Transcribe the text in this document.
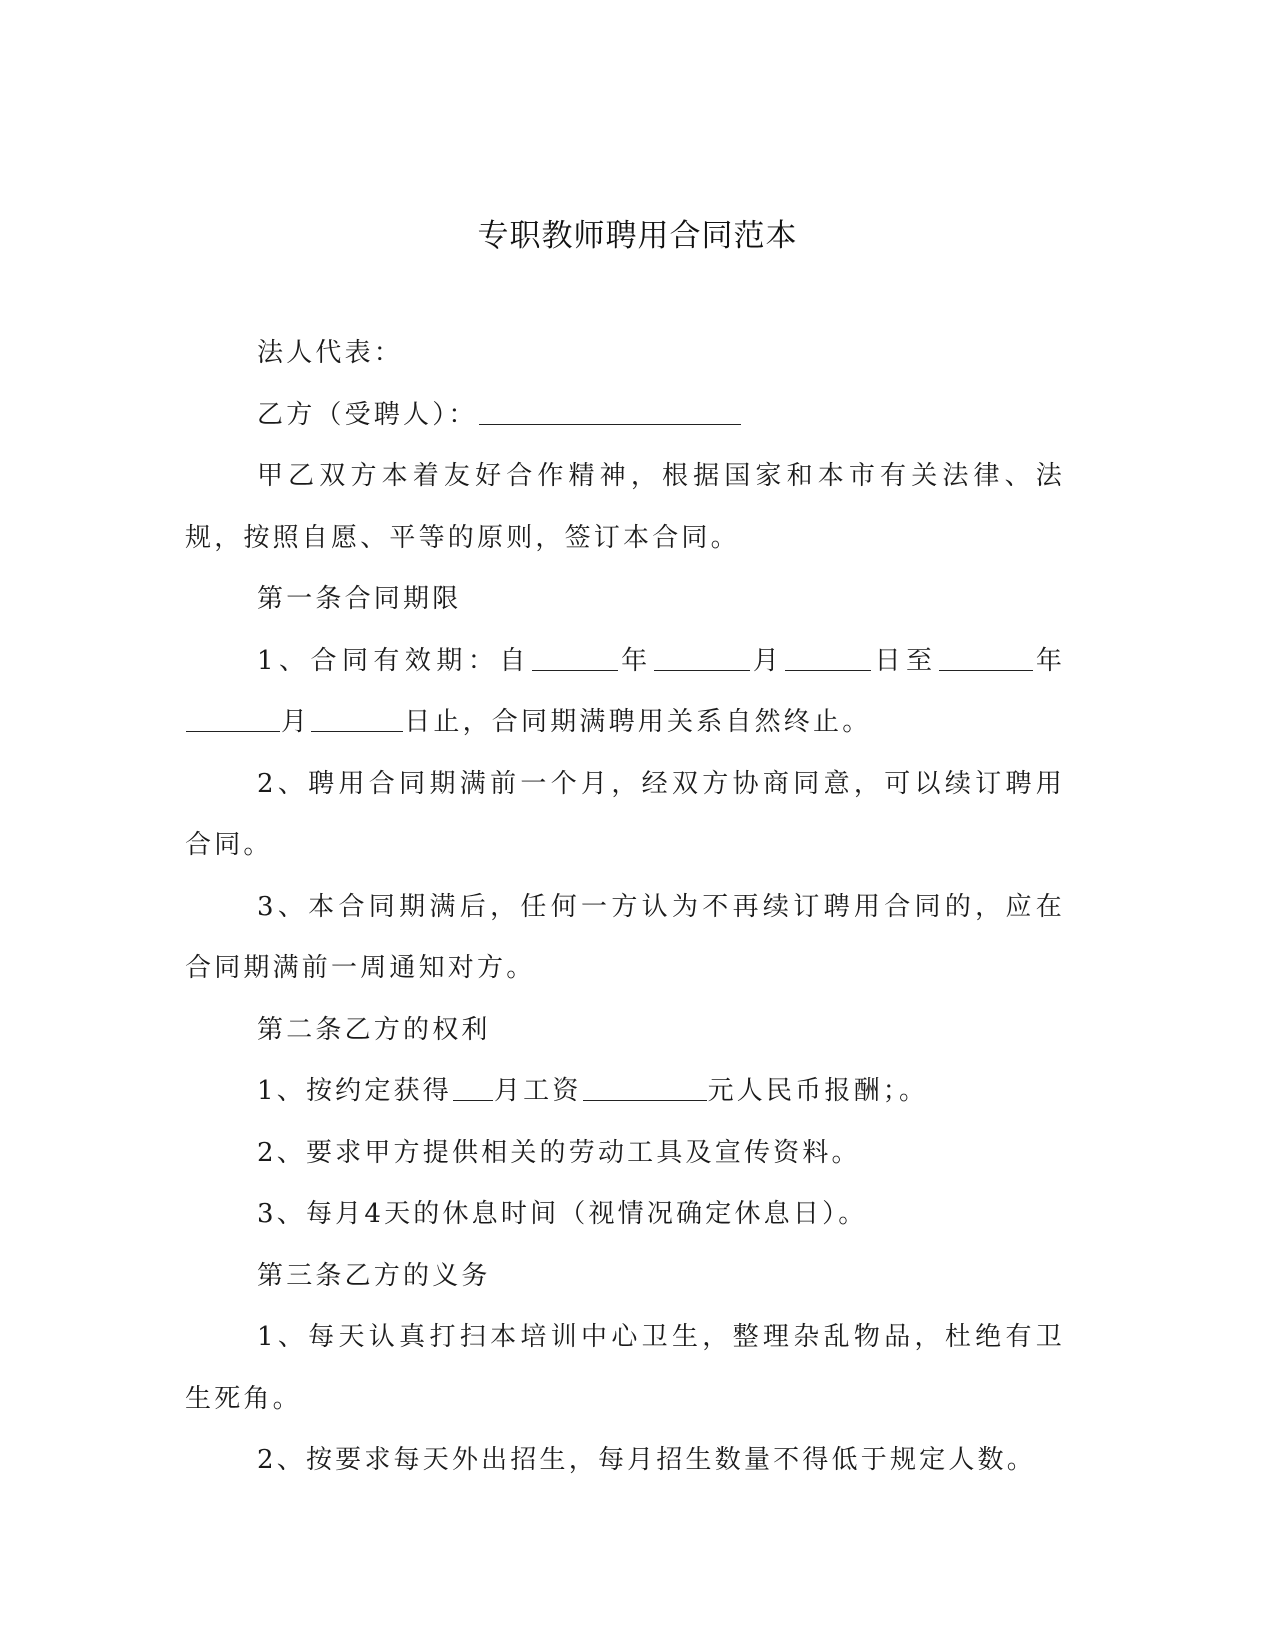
专职教师聘用合同范本

法人代表：

乙方（受聘人）：

甲乙双方本着友好合作精神，根据国家和本市有关法律、法规，按照自愿、平等的原则，签订本合同。

第一条合同期限

1、合同有效期：自	年	月	日至	年月	日止，合同期满聘用关系自然终止。

2、聘用合同期满前一个月，经双方协商同意，可以续订聘用合同。

3、本合同期满后，任何一方认为不再续订聘用合同的，应在合同期满前一周通知对方。

第二条乙方的权利

1、按约定获得 月工资	元人民币报酬；。

2、要求甲方提供相关的劳动工具及宣传资料。

3、每月4天的休息时间（视情况确定休息日）。

第三条乙方的义务

1、每天认真打扫本培训中心卫生，整理杂乱物品，杜绝有卫生死角。

2、按要求每天外出招生，每月招生数量不得低于规定人数。
